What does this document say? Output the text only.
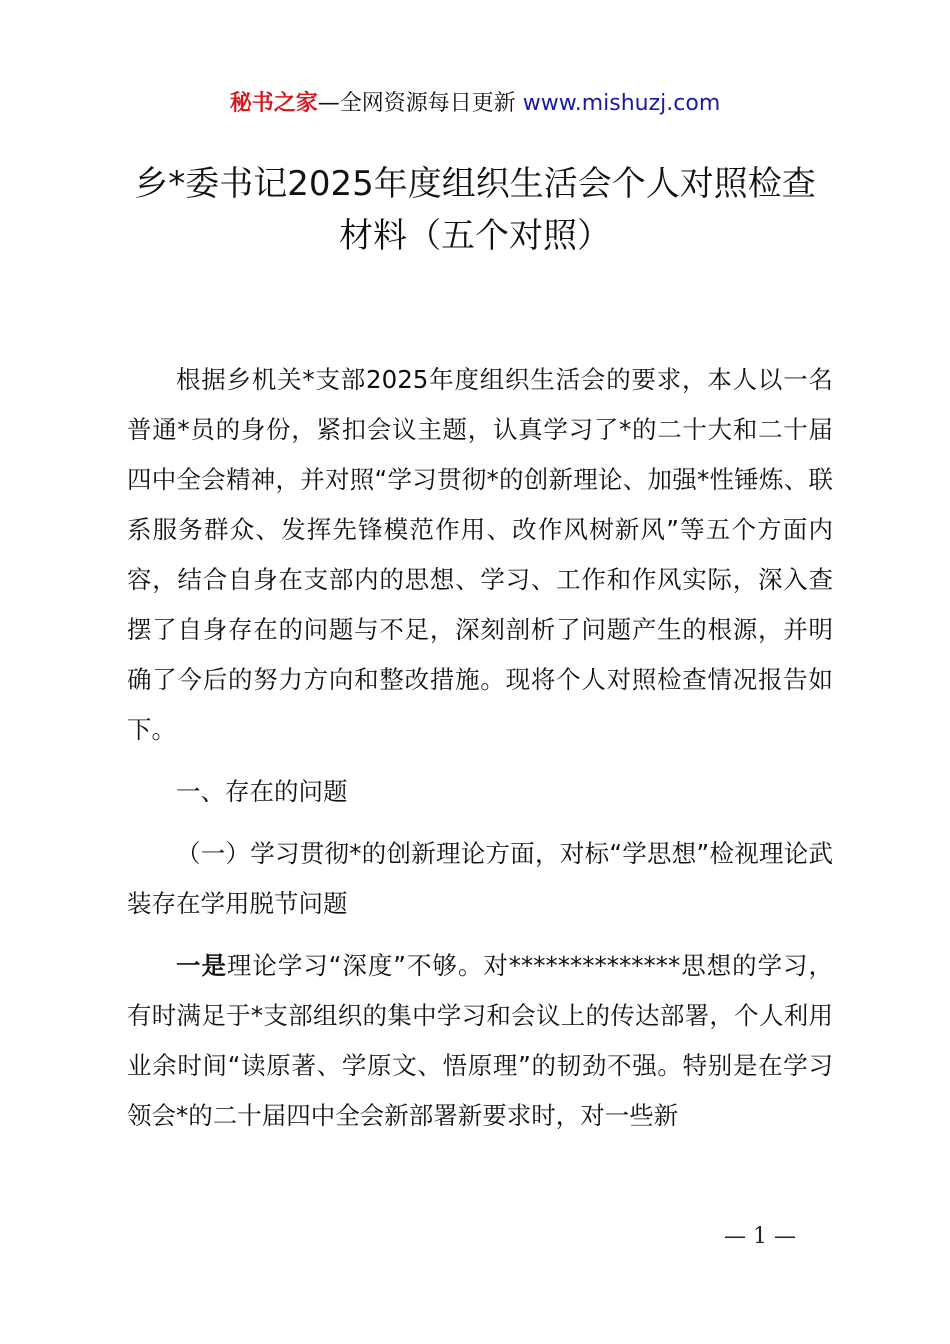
秘书之家—全网资源每日更新 www.mishuzj.com
乡*委书记2025年度组织生活会个人对照检查
材料（五个对照）

根据乡机关*支部2025年度组织生活会的要求，本人以一名普通*员的身份，紧扣会议主题，认真学习了*的二十大和二十届四中全会精神，并对照“学习贯彻*的创新理论、加强*性锤炼、联系服务群众、发挥先锋模范作用、改作风树新风”等五个方面内容，结合自身在支部内的思想、学习、工作和作风实际，深入查摆了自身存在的问题与不足，深刻剖析了问题产生的根源，并明确了今后的努力方向和整改措施。现将个人对照检查情况报告如下。

一、存在的问题

（一）学习贯彻*的创新理论方面，对标“学思想”检视理论武装存在学用脱节问题

一是理论学习“深度”不够。对**************思想的学习，有时满足于*支部组织的集中学习和会议上的传达部署，个人利用业余时间“读原著、学原文、悟原理”的韧劲不强。特别是在学习领会*的二十届四中全会新部署新要求时，对一些新

— 1 —
